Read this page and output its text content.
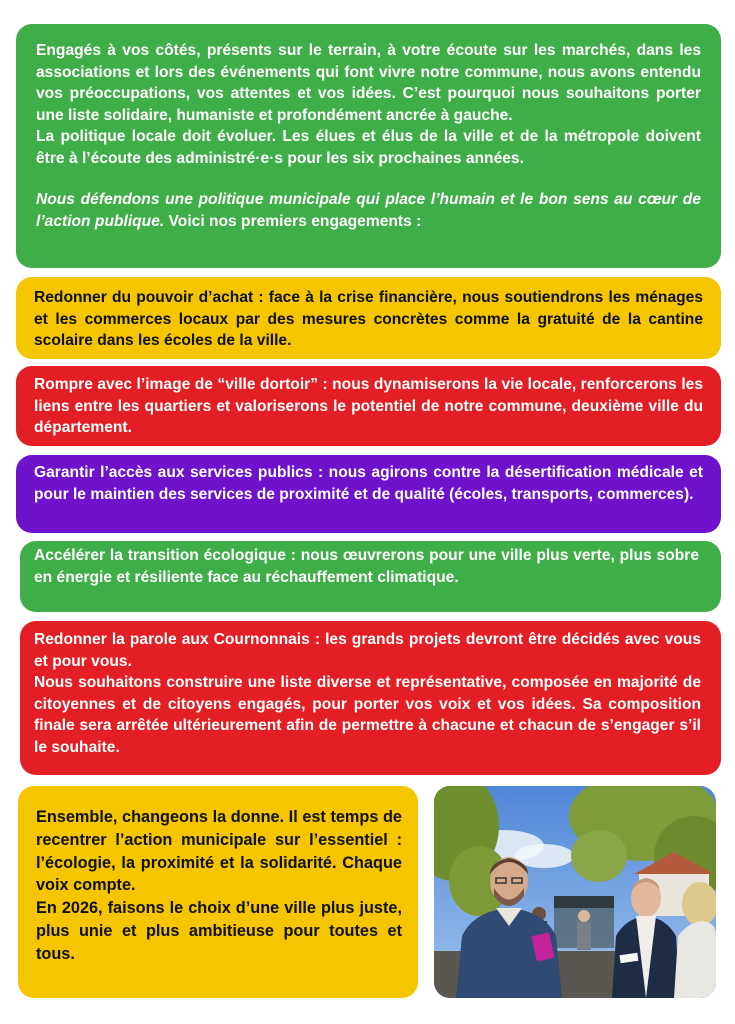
Engagés à vos côtés, présents sur le terrain, à votre écoute sur les marchés, dans les associations et lors des événements qui font vivre notre commune, nous avons entendu vos préoccupations, vos attentes et vos idées. C’est pourquoi nous souhaitons porter une liste solidaire, humaniste et profondément ancrée à gauche.

La politique locale doit évoluer. Les élues et élus de la ville et de la métropole doivent être à l’écoute des administré·e·s pour les six prochaines années.

Nous défendons une politique municipale qui place l’humain et le bon sens au cœur de l’action publique. Voici nos premiers engagements :

Redonner du pouvoir d’achat : face à la crise financière, nous soutiendrons les ménages et les commerces locaux par des mesures concrètes comme la gratuité de la cantine scolaire dans les écoles de la ville.

Rompre avec l’image de “ville dortoir” : nous dynamiserons la vie locale, renforcerons les liens entre les quartiers et valoriserons le potentiel de notre commune, deuxième ville du département.

Garantir l’accès aux services publics : nous agirons contre la désertification médicale et pour le maintien des services de proximité et de qualité (écoles, transports, commerces).

Accélérer la transition écologique : nous œuvrerons pour une ville plus verte, plus sobre en énergie et résiliente face au réchauffement climatique.

Redonner la parole aux Cournonnais : les grands projets devront être décidés avec vous et pour vous.

Nous souhaitons construire une liste diverse et représentative, composée en majorité de citoyennes et de citoyens engagés, pour porter vos voix et vos idées. Sa composition finale sera arrêtée ultérieurement afin de permettre à chacune et chacun de s’engager s’il le souhaite.

Ensemble, changeons la donne. Il est temps de recentrer l’action municipale sur l’essentiel : l’écologie, la proximité et la solidarité. Chaque voix compte.

En 2026, faisons le choix d’une ville plus juste, plus unie et plus ambitieuse pour toutes et tous.
